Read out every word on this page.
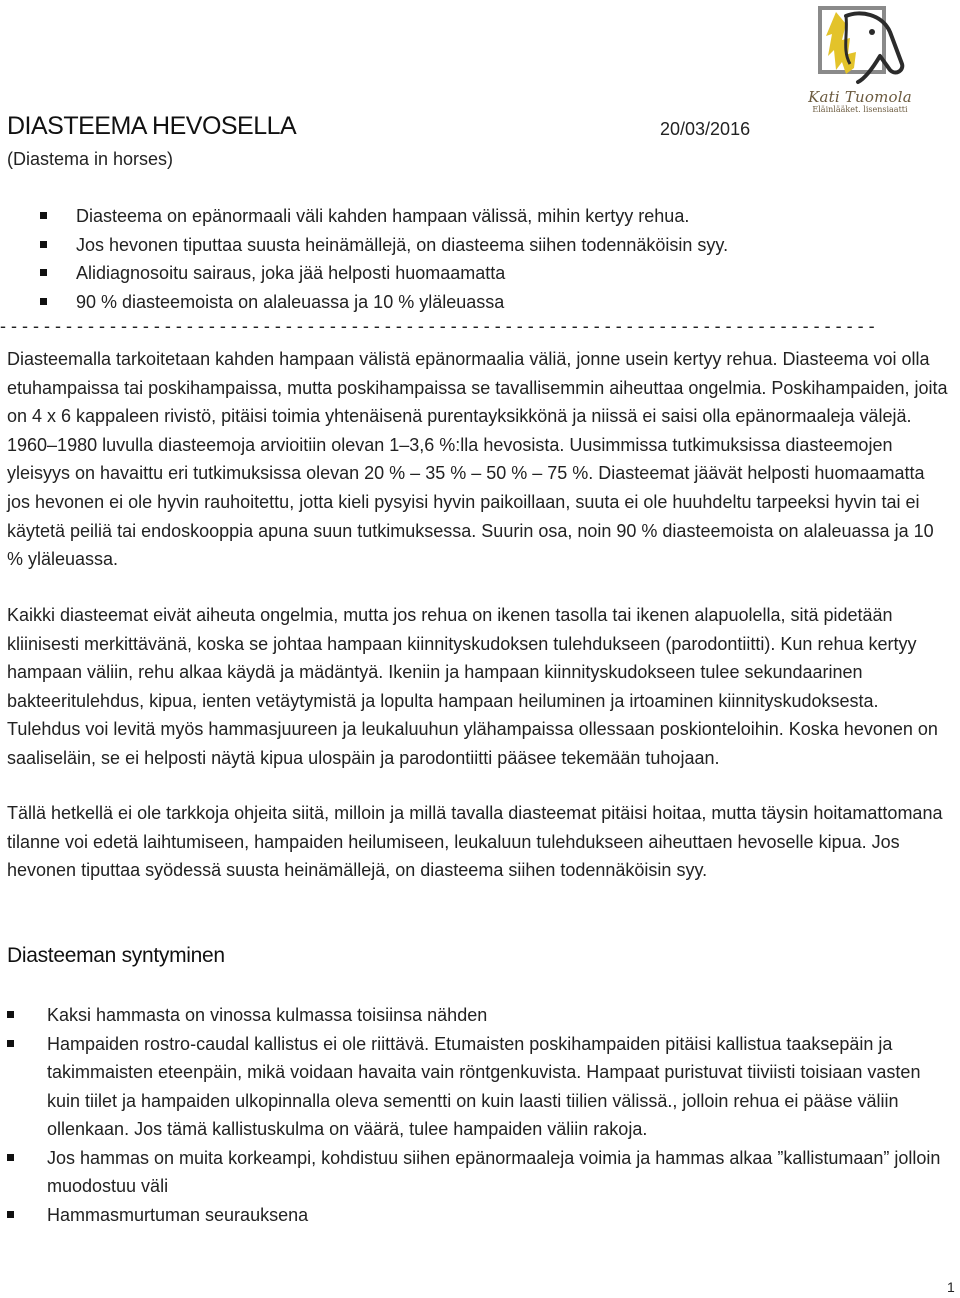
Kati Tuomola
Eläinlääket. lisensiaatti
DIASTEEMA HEVOSELLA	20/03/2016
(Diastema in horses)
Diasteema on epänormaali väli kahden hampaan välissä, mihin kertyy rehua.
Jos hevonen tiputtaa suusta heinämällejä, on diasteema siihen todennäköisin syy.
Alidiagnosoitu sairaus, joka jää helposti huomaamatta
90 % diasteemoista on alaleuassa ja 10 % yläleuassa
- - - - - - - - - - - - - - - - - - - - - - - - - - - - - - - - - - - - - - - - - - - - - - - - - - - - - - - - - - - - - - - - - - - - - - - - - - - - - - - -

Diasteemalla tarkoitetaan kahden hampaan välistä epänormaalia väliä, jonne usein kertyy rehua. Diasteema voi olla etuhampaissa tai poskihampaissa, mutta poskihampaissa se tavallisemmin aiheuttaa ongelmia. Poskihampaiden, joita on 4 x 6 kappaleen rivistö, pitäisi toimia yhtenäisenä purentayksikkönä ja niissä ei saisi olla epänormaaleja välejä. 1960–1980 luvulla diasteemoja arvioitiin olevan 1–3,6 %:lla hevosista. Uusimmissa tutkimuksissa diasteemojen yleisyys on havaittu eri tutkimuksissa olevan 20 % – 35 % – 50 % – 75 %. Diasteemat jäävät helposti huomaamatta jos hevonen ei ole hyvin rauhoitettu, jotta kieli pysyisi hyvin paikoillaan, suuta ei ole huuhdeltu tarpeeksi hyvin tai ei käytetä peiliä tai endoskooppia apuna suun tutkimuksessa. Suurin osa, noin 90 % diasteemoista on alaleuassa ja 10 % yläleuassa.

Kaikki diasteemat eivät aiheuta ongelmia, mutta jos rehua on ikenen tasolla tai ikenen alapuolella, sitä pidetään kliinisesti merkittävänä, koska se johtaa hampaan kiinnityskudoksen tulehdukseen (parodontiitti). Kun rehua kertyy hampaan väliin, rehu alkaa käydä ja mädäntyä. Ikeniin ja hampaan kiinnityskudokseen tulee sekundaarinen bakteeritulehdus, kipua, ienten vetäytymistä ja lopulta hampaan heiluminen ja irtoaminen kiinnityskudoksesta. Tulehdus voi levitä myös hammasjuureen ja leukaluuhun ylähampaissa ollessaan poskionteloihin. Koska hevonen on saaliseläin, se ei helposti näytä kipua ulospäin ja parodontiitti pääsee tekemään tuhojaan.

Tällä hetkellä ei ole tarkkoja ohjeita siitä, milloin ja millä tavalla diasteemat pitäisi hoitaa, mutta täysin hoitamattomana tilanne voi edetä laihtumiseen, hampaiden heilumiseen, leukaluun tulehdukseen aiheuttaen hevoselle kipua. Jos hevonen tiputtaa syödessä suusta heinämällejä, on diasteema siihen todennäköisin syy.

Diasteeman syntyminen
Kaksi hammasta on vinossa kulmassa toisiinsa nähden
Hampaiden rostro-caudal kallistus ei ole riittävä. Etumaisten poskihampaiden pitäisi kallistua taaksepäin ja takimmaisten eteenpäin, mikä voidaan havaita vain röntgenkuvista. Hampaat puristuvat tiiviisti toisiaan vasten kuin tiilet ja hampaiden ulkopinnalla oleva sementti on kuin laasti tiilien välissä., jolloin rehua ei pääse väliin ollenkaan. Jos tämä kallistuskulma on väärä, tulee hampaiden väliin rakoja.
Jos hammas on muita korkeampi, kohdistuu siihen epänormaaleja voimia ja hammas alkaa ”kallistumaan” jolloin muodostuu väli
Hammasmurtuman seurauksena
1
